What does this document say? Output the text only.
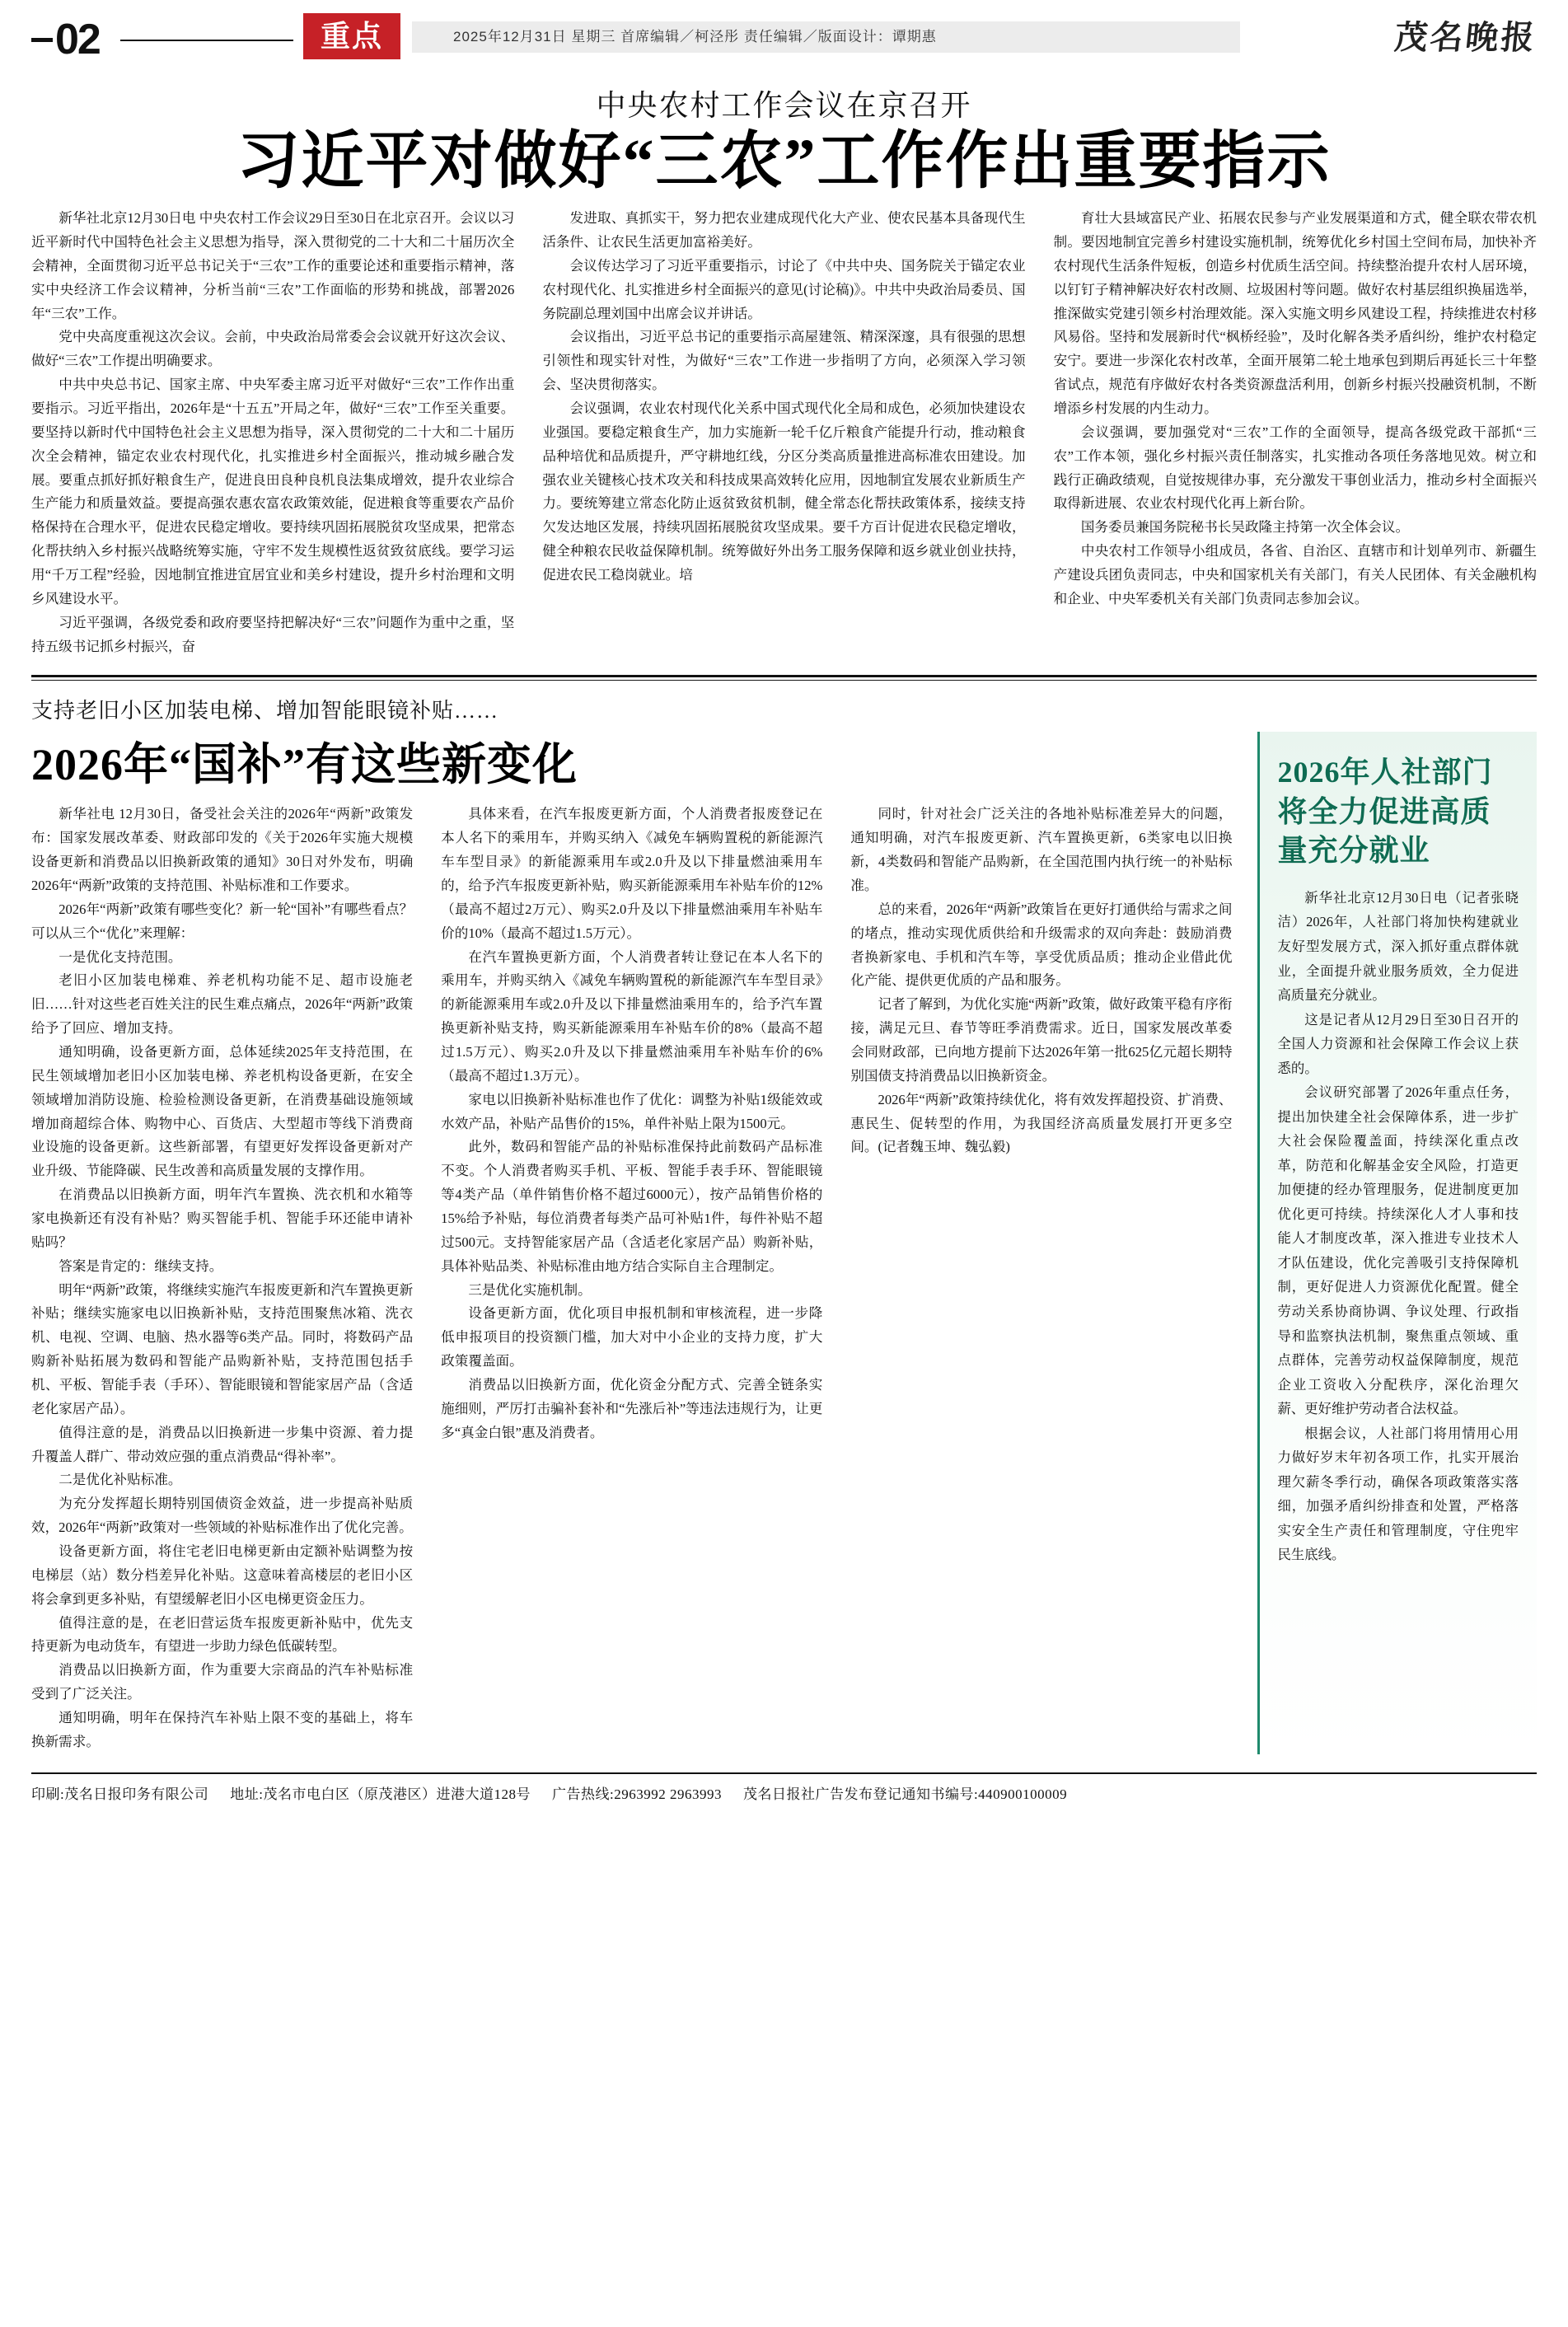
02	重点	2025年12月31日 星期三 首席编辑／柯泾彤 责任编辑／版面设计：谭期惠	茂名晚报
中央农村工作会议在京召开
习近平对做好“三农”工作作出重要指示

新华社北京12月30日电 中央农村工作会议29日至30日在北京召开。会议以习近平新时代中国特色社会主义思想为指导，深入贯彻党的二十大和二十届历次全会精神，全面贯彻习近平总书记关于“三农”工作的重要论述和重要指示精神，落实中央经济工作会议精神，分析当前“三农”工作面临的形势和挑战，部署2026年“三农”工作。

党中央高度重视这次会议。会前，中央政治局常委会会议就开好这次会议、做好“三农”工作提出明确要求。

中共中央总书记、国家主席、中央军委主席习近平对做好“三农”工作作出重要指示。习近平指出，2026年是“十五五”开局之年，做好“三农”工作至关重要。要坚持以新时代中国特色社会主义思想为指导，深入贯彻党的二十大和二十届历次全会精神，锚定农业农村现代化，扎实推进乡村全面振兴，推动城乡融合发展。要重点抓好抓好粮食生产，促进良田良种良机良法集成增效，提升农业综合生产能力和质量效益。要提高强农惠农富农政策效能，促进粮食等重要农产品价格保持在合理水平，促进农民稳定增收。要持续巩固拓展脱贫攻坚成果，把常态化帮扶纳入乡村振兴战略统筹实施，守牢不发生规模性返贫致贫底线。要学习运用“千万工程”经验，因地制宜推进宜居宜业和美乡村建设，提升乡村治理和文明乡风建设水平。

习近平强调，各级党委和政府要坚持把解决好“三农”问题作为重中之重，坚持五级书记抓乡村振兴，奋

发进取、真抓实干，努力把农业建成现代化大产业、使农民基本具备现代生活条件、让农民生活更加富裕美好。

会议传达学习了习近平重要指示，讨论了《中共中央、国务院关于锚定农业农村现代化、扎实推进乡村全面振兴的意见(讨论稿)》。中共中央政治局委员、国务院副总理刘国中出席会议并讲话。

会议指出，习近平总书记的重要指示高屋建瓴、精深深邃，具有很强的思想引领性和现实针对性，为做好“三农”工作进一步指明了方向，必须深入学习领会、坚决贯彻落实。

会议强调，农业农村现代化关系中国式现代化全局和成色，必须加快建设农业强国。要稳定粮食生产，加力实施新一轮千亿斤粮食产能提升行动，推动粮食品种培优和品质提升，严守耕地红线，分区分类高质量推进高标准农田建设。加强农业关键核心技术攻关和科技成果高效转化应用，因地制宜发展农业新质生产力。要统筹建立常态化防止返贫致贫机制，健全常态化帮扶政策体系，接续支持欠发达地区发展，持续巩固拓展脱贫攻坚成果。要千方百计促进农民稳定增收，健全种粮农民收益保障机制。统筹做好外出务工服务保障和返乡就业创业扶持，促进农民工稳岗就业。培

育壮大县域富民产业、拓展农民参与产业发展渠道和方式，健全联农带农机制。要因地制宜完善乡村建设实施机制，统筹优化乡村国土空间布局，加快补齐农村现代生活条件短板，创造乡村优质生活空间。持续整治提升农村人居环境，以钉钉子精神解决好农村改厕、垃圾困村等问题。做好农村基层组织换届选举，推深做实党建引领乡村治理效能。深入实施文明乡风建设工程，持续推进农村移风易俗。坚持和发展新时代“枫桥经验”，及时化解各类矛盾纠纷，维护农村稳定安宁。要进一步深化农村改革，全面开展第二轮土地承包到期后再延长三十年整省试点，规范有序做好农村各类资源盘活利用，创新乡村振兴投融资机制，不断增添乡村发展的内生动力。

会议强调，要加强党对“三农”工作的全面领导，提高各级党政干部抓“三农”工作本领，强化乡村振兴责任制落实，扎实推动各项任务落地见效。树立和践行正确政绩观，自觉按规律办事，充分激发干事创业活力，推动乡村全面振兴取得新进展、农业农村现代化再上新台阶。

国务委员兼国务院秘书长吴政隆主持第一次全体会议。

中央农村工作领导小组成员，各省、自治区、直辖市和计划单列市、新疆生产建设兵团负责同志，中央和国家机关有关部门，有关人民团体、有关金融机构和企业、中央军委机关有关部门负责同志参加会议。

支持老旧小区加装电梯、增加智能眼镜补贴……
2026年“国补”有这些新变化

新华社电 12月30日，备受社会关注的2026年“两新”政策发布：国家发展改革委、财政部印发的《关于2026年实施大规模设备更新和消费品以旧换新政策的通知》30日对外发布，明确2026年“两新”政策的支持范围、补贴标准和工作要求。

2026年“两新”政策有哪些变化？新一轮“国补”有哪些看点？可以从三个“优化”来理解：

一是优化支持范围。

老旧小区加装电梯难、养老机构功能不足、超市设施老旧……针对这些老百姓关注的民生难点痛点，2026年“两新”政策给予了回应、增加支持。

通知明确，设备更新方面，总体延续2025年支持范围，在民生领域增加老旧小区加装电梯、养老机构设备更新，在安全领域增加消防设施、检验检测设备更新，在消费基础设施领域增加商超综合体、购物中心、百货店、大型超市等线下消费商业设施的设备更新。这些新部署，有望更好发挥设备更新对产业升级、节能降碳、民生改善和高质量发展的支撑作用。

在消费品以旧换新方面，明年汽车置换、洗衣机和水箱等家电换新还有没有补贴？购买智能手机、智能手环还能申请补贴吗？

答案是肯定的：继续支持。

明年“两新”政策，将继续实施汽车报废更新和汽车置换更新补贴；继续实施家电以旧换新补贴，支持范围聚焦冰箱、洗衣机、电视、空调、电脑、热水器等6类产品。同时，将数码产品购新补贴拓展为数码和智能产品购新补贴，支持范围包括手机、平板、智能手表（手环）、智能眼镜和智能家居产品（含适老化家居产品）。

值得注意的是，消费品以旧换新进一步集中资源、着力提升覆盖人群广、带动效应强的重点消费品“得补率”。

二是优化补贴标准。

为充分发挥超长期特别国债资金效益，进一步提高补贴质效，2026年“两新”政策对一些领域的补贴标准作出了优化完善。

设备更新方面，将住宅老旧电梯更新由定额补贴调整为按电梯层（站）数分档差异化补贴。这意味着高楼层的老旧小区将会拿到更多补贴，有望缓解老旧小区电梯更资金压力。

值得注意的是，在老旧营运货车报废更新补贴中，优先支持更新为电动货车，有望进一步助力绿色低碳转型。

消费品以旧换新方面，作为重要大宗商品的汽车补贴标准受到了广泛关注。

通知明确，明年在保持汽车补贴上限不变的基础上，将车换新需求。

具体来看，在汽车报废更新方面，个人消费者报废登记在本人名下的乘用车，并购买纳入《减免车辆购置税的新能源汽车车型目录》的新能源乘用车或2.0升及以下排量燃油乘用车的，给予汽车报废更新补贴，购买新能源乘用车补贴车价的12%（最高不超过2万元）、购买2.0升及以下排量燃油乘用车补贴车价的10%（最高不超过1.5万元）。

在汽车置换更新方面，个人消费者转让登记在本人名下的乘用车，并购买纳入《减免车辆购置税的新能源汽车车型目录》的新能源乘用车或2.0升及以下排量燃油乘用车的，给予汽车置换更新补贴支持，购买新能源乘用车补贴车价的8%（最高不超过1.5万元）、购买2.0升及以下排量燃油乘用车补贴车价的6%（最高不超过1.3万元）。

家电以旧换新补贴标准也作了优化：调整为补贴1级能效或水效产品，补贴产品售价的15%，单件补贴上限为1500元。

此外，数码和智能产品的补贴标准保持此前数码产品标准不变。个人消费者购买手机、平板、智能手表手环、智能眼镜等4类产品（单件销售价格不超过6000元），按产品销售价格的15%给予补贴，每位消费者每类产品可补贴1件，每件补贴不超过500元。支持智能家居产品（含适老化家居产品）购新补贴，具体补贴品类、补贴标准由地方结合实际自主合理制定。

三是优化实施机制。

设备更新方面，优化项目申报机制和审核流程，进一步降低申报项目的投资额门槛，加大对中小企业的支持力度，扩大政策覆盖面。

消费品以旧换新方面，优化资金分配方式、完善全链条实施细则，严厉打击骗补套补和“先涨后补”等违法违规行为，让更多“真金白银”惠及消费者。

同时，针对社会广泛关注的各地补贴标准差异大的问题，通知明确，对汽车报废更新、汽车置换更新，6类家电以旧换新，4类数码和智能产品购新，在全国范围内执行统一的补贴标准。

总的来看，2026年“两新”政策旨在更好打通供给与需求之间的堵点，推动实现优质供给和升级需求的双向奔赴：鼓励消费者换新家电、手机和汽车等，享受优质品质；推动企业借此优化产能、提供更优质的产品和服务。

记者了解到，为优化实施“两新”政策，做好政策平稳有序衔接，满足元旦、春节等旺季消费需求。近日，国家发展改革委会同财政部，已向地方提前下达2026年第一批625亿元超长期特别国债支持消费品以旧换新资金。

2026年“两新”政策持续优化，将有效发挥超投资、扩消费、惠民生、促转型的作用，为我国经济高质量发展打开更多空间。(记者魏玉坤、魏弘毅)

2026年人社部门将全力促进高质量充分就业

新华社北京12月30日电（记者张晓洁）2026年，人社部门将加快构建就业友好型发展方式，深入抓好重点群体就业，全面提升就业服务质效，全力促进高质量充分就业。

这是记者从12月29日至30日召开的全国人力资源和社会保障工作会议上获悉的。

会议研究部署了2026年重点任务，提出加快建全社会保障体系，进一步扩大社会保险覆盖面，持续深化重点改革，防范和化解基金安全风险，打造更加便捷的经办管理服务，促进制度更加优化更可持续。持续深化人才人事和技能人才制度改革，深入推进专业技术人才队伍建设，优化完善吸引支持保障机制，更好促进人力资源优化配置。健全劳动关系协商协调、争议处理、行政指导和监察执法机制，聚焦重点领域、重点群体，完善劳动权益保障制度，规范企业工资收入分配秩序，深化治理欠薪、更好维护劳动者合法权益。

根据会议，人社部门将用情用心用力做好岁末年初各项工作，扎实开展治理欠薪冬季行动，确保各项政策落实落细，加强矛盾纠纷排查和处置，严格落实安全生产责任和管理制度，守住兜牢民生底线。

印刷:茂名日报印务有限公司 地址:茂名市电白区（原茂港区）进港大道128号 广告热线:2963992 2963993 茂名日报社广告发布登记通知书编号:440900100009
